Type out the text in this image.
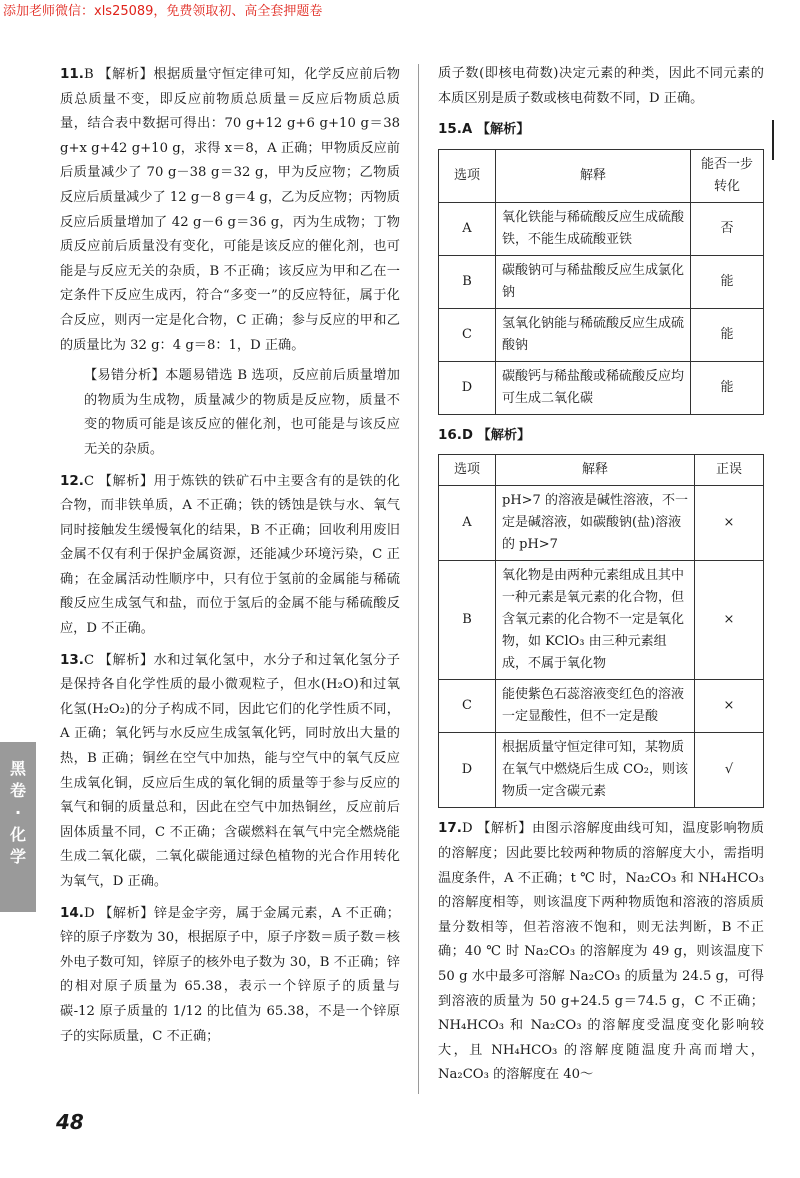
添加老师微信：xls25089，免费领取初、高全套押题卷
11.B 【解析】根据质量守恒定律可知，化学反应前后物质总质量不变，即反应前物质总质量＝反应后物质总质量，结合表中数据可得出：70 g+12 g+6 g+10 g＝38 g+x g+42 g+10 g，求得 x＝8，A 正确；甲物质反应前后质量减少了 70 g－38 g＝32 g，甲为反应物；乙物质反应后质量减少了 12 g－8 g＝4 g，乙为反应物；丙物质反应后质量增加了 42 g－6 g＝36 g，丙为生成物；丁物质反应前后质量没有变化，可能是该反应的催化剂，也可能是与反应无关的杂质，B 不正确；该反应为甲和乙在一定条件下反应生成丙，符合“多变一”的反应特征，属于化合反应，则丙一定是化合物，C 正确；参与反应的甲和乙的质量比为 32 g：4 g＝8：1，D 正确。
【易错分析】本题易错选 B 选项，反应前后质量增加的物质为生成物，质量减少的物质是反应物，质量不变的物质可能是该反应的催化剂，也可能是与该反应无关的杂质。
12.C 【解析】用于炼铁的铁矿石中主要含有的是铁的化合物，而非铁单质，A 不正确；铁的锈蚀是铁与水、氧气同时接触发生缓慢氧化的结果，B 不正确；回收利用废旧金属不仅有利于保护金属资源，还能减少环境污染，C 正确；在金属活动性顺序中，只有位于氢前的金属能与稀硫酸反应生成氢气和盐，而位于氢后的金属不能与稀硫酸反应，D 不正确。
13.C 【解析】水和过氧化氢中，水分子和过氧化氢分子是保持各自化学性质的最小微观粒子，但水(H₂O)和过氧化氢(H₂O₂)的分子构成不同，因此它们的化学性质不同，A 正确；氧化钙与水反应生成氢氧化钙，同时放出大量的热，B 正确；铜丝在空气中加热，能与空气中的氧气反应生成氧化铜，反应后生成的氧化铜的质量等于参与反应的氧气和铜的质量总和，因此在空气中加热铜丝，反应前后固体质量不同，C 不正确；含碳燃料在氧气中完全燃烧能生成二氧化碳，二氧化碳能通过绿色植物的光合作用转化为氧气，D 正确。
14.D 【解析】锌是金字旁，属于金属元素，A 不正确；锌的原子序数为 30，根据原子中，原子序数＝质子数＝核外电子数可知，锌原子的核外电子数为 30，B 不正确；锌的相对原子质量为 65.38，表示一个锌原子的质量与碳-12 原子质量的 1/12 的比值为 65.38，不是一个锌原子的实际质量，C 不正确；
质子数(即核电荷数)决定元素的种类，因此不同元素的本质区别是质子数或核电荷数不同，D 正确。
15.A 【解析】
选项	解释	能否一步转化
A	氧化铁能与稀硫酸反应生成硫酸铁，不能生成硫酸亚铁	否
B	碳酸钠可与稀盐酸反应生成氯化钠	能
C	氢氧化钠能与稀硫酸反应生成硫酸钠	能
D	碳酸钙与稀盐酸或稀硫酸反应均可生成二氧化碳	能
16.D 【解析】
选项	解释	正误
A	pH>7 的溶液是碱性溶液，不一定是碱溶液，如碳酸钠(盐)溶液的 pH>7	×
B	氧化物是由两种元素组成且其中一种元素是氧元素的化合物，但含氧元素的化合物不一定是氧化物，如 KClO₃ 由三种元素组成，不属于氧化物	×
C	能使紫色石蕊溶液变红色的溶液一定显酸性，但不一定是酸	×
D	根据质量守恒定律可知，某物质在氧气中燃烧后生成 CO₂，则该物质一定含碳元素	√
17.D 【解析】由图示溶解度曲线可知，温度影响物质的溶解度；因此要比较两种物质的溶解度大小，需指明温度条件，A 不正确；t ℃ 时，Na₂CO₃ 和 NH₄HCO₃ 的溶解度相等，则该温度下两种物质饱和溶液的溶质质量分数相等，但若溶液不饱和，则无法判断，B 不正确；40 ℃ 时 Na₂CO₃ 的溶解度为 49 g，则该温度下 50 g 水中最多可溶解 Na₂CO₃ 的质量为 24.5 g，可得到溶液的质量为 50 g+24.5 g＝74.5 g，C 不正确；NH₄HCO₃ 和 Na₂CO₃ 的溶解度受温度变化影响较大，且 NH₄HCO₃ 的溶解度随温度升高而增大，Na₂CO₃ 的溶解度在 40～
黑卷·化学
48
